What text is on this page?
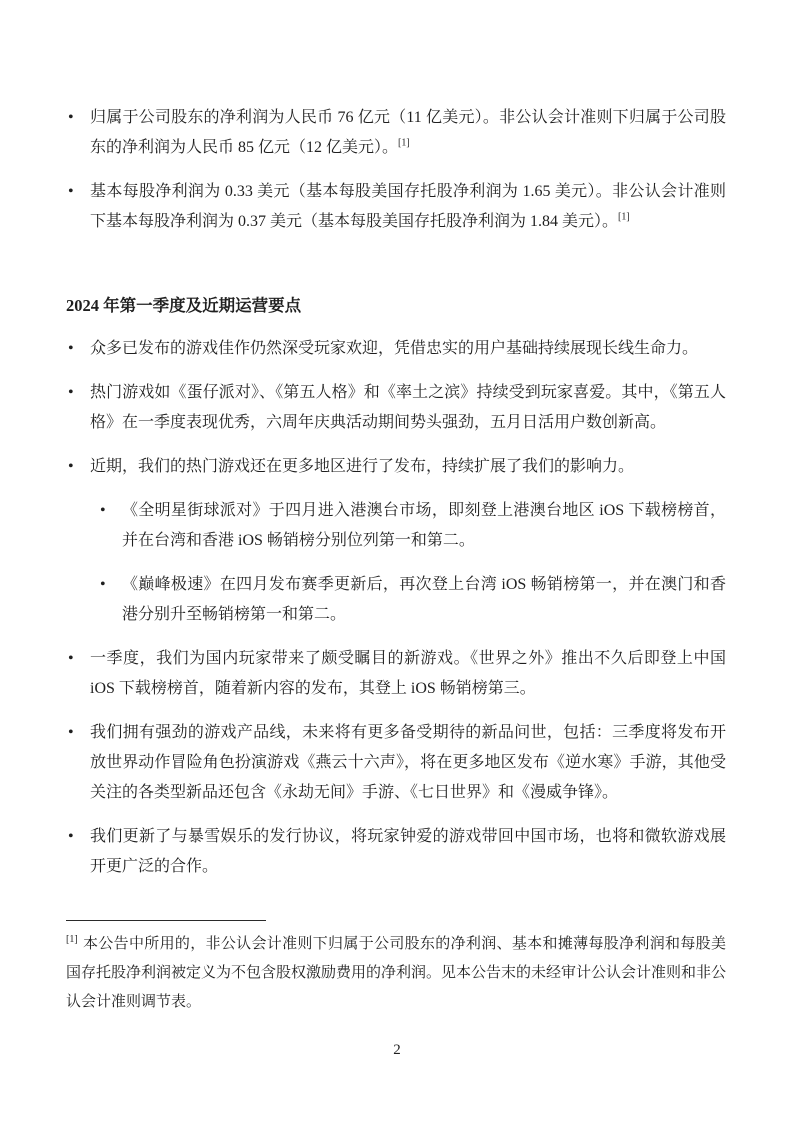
• 归属于公司股东的净利润为人民币 76 亿元（11 亿美元）。非公认会计准则下归属于公司股东的净利润为人民币 85 亿元（12 亿美元）。[1]
• 基本每股净利润为 0.33 美元（基本每股美国存托股净利润为 1.65 美元）。非公认会计准则下基本每股净利润为 0.37 美元（基本每股美国存托股净利润为 1.84 美元）。[1]
2024 年第一季度及近期运营要点
• 众多已发布的游戏佳作仍然深受玩家欢迎，凭借忠实的用户基础持续展现长线生命力。
• 热门游戏如《蛋仔派对》、《第五人格》和《率土之滨》持续受到玩家喜爱。其中，《第五人格》在一季度表现优秀，六周年庆典活动期间势头强劲，五月日活用户数创新高。
• 近期，我们的热门游戏还在更多地区进行了发布，持续扩展了我们的影响力。
• 《全明星街球派对》于四月进入港澳台市场，即刻登上港澳台地区 iOS 下载榜榜首，并在台湾和香港 iOS 畅销榜分别位列第一和第二。
• 《巅峰极速》在四月发布赛季更新后，再次登上台湾 iOS 畅销榜第一，并在澳门和香港分别升至畅销榜第一和第二。
• 一季度，我们为国内玩家带来了颇受瞩目的新游戏。《世界之外》推出不久后即登上中国 iOS 下载榜榜首，随着新内容的发布，其登上 iOS 畅销榜第三。
• 我们拥有强劲的游戏产品线，未来将有更多备受期待的新品问世，包括：三季度将发布开放世界动作冒险角色扮演游戏《燕云十六声》，将在更多地区发布《逆水寒》手游，其他受关注的各类型新品还包含《永劫无间》手游、《七日世界》和《漫威争锋》。
• 我们更新了与暴雪娱乐的发行协议，将玩家钟爱的游戏带回中国市场，也将和微软游戏展开更广泛的合作。

[1] 本公告中所用的，非公认会计准则下归属于公司股东的净利润、基本和摊薄每股净利润和每股美国存托股净利润被定义为不包含股权激励费用的净利润。见本公告末的未经审计公认会计准则和非公认会计准则调节表。

2
